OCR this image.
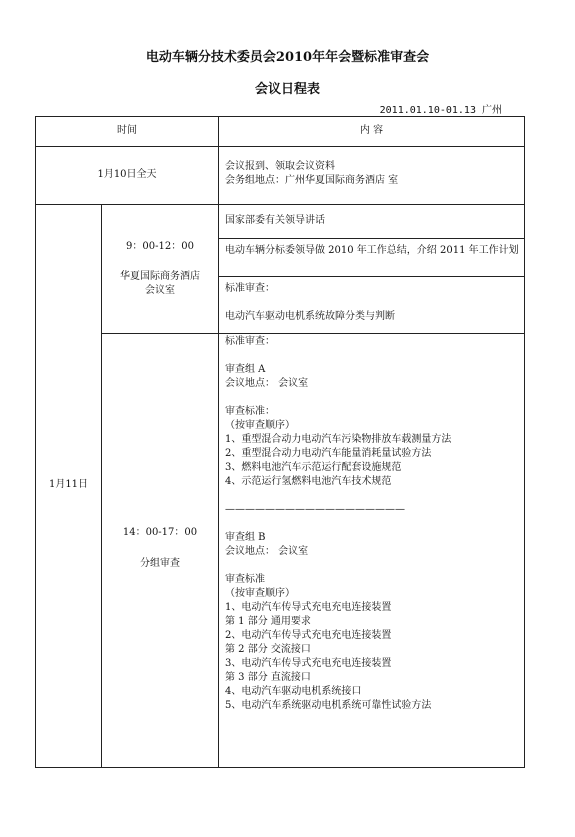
电动车辆分技术委员会2010年年会暨标准审查会
会议日程表
2011.01.10-01.13 广州
时间	内 容
1月10日全天
会议报到、领取会议资料
会务组地点：广州华夏国际商务酒店 室
1月11日
9：00-12：00
华夏国际商务酒店
会议室
国家部委有关领导讲话
电动车辆分标委领导做 2010 年工作总结，介绍 2011 年工作计划
标准审查：

电动汽车驱动电机系统故障分类与判断
14：00-17：00
分组审查
标准审查：

审查组 A
会议地点： 会议室

审查标准：
（按审查顺序）
1、重型混合动力电动汽车污染物排放车载测量方法
2、重型混合动力电动汽车能量消耗量试验方法
3、燃料电池汽车示范运行配套设施规范
4、示范运行氢燃料电池汽车技术规范

——————————————————

审查组 B
会议地点： 会议室

审查标准
（按审查顺序）
1、电动汽车传导式充电充电连接装置
第 1 部分 通用要求
2、电动汽车传导式充电充电连接装置
第 2 部分 交流接口
3、电动汽车传导式充电充电连接装置
第 3 部分 直流接口
4、电动汽车驱动电机系统接口
5、电动汽车系统驱动电机系统可靠性试验方法
